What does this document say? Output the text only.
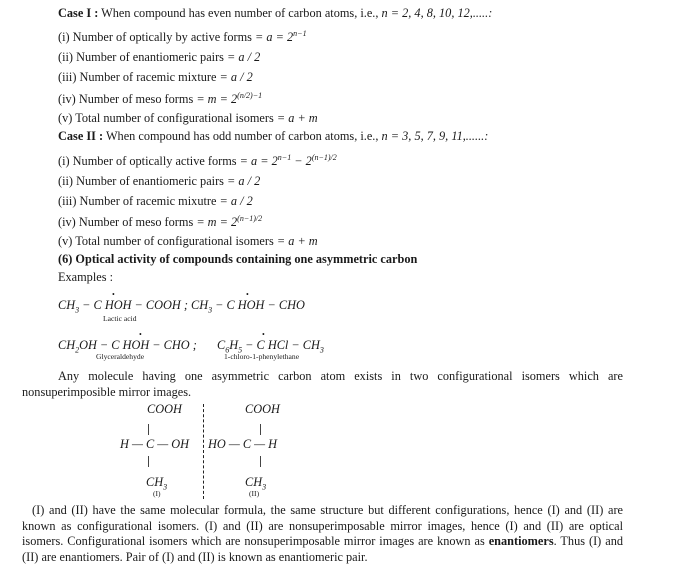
Case I : When compound has even number of carbon atoms, i.e., n = 2, 4, 8, 10, 12,.....:
(i) Number of optically by active forms = $a = 2^{n-1}$
(ii) Number of enantiomeric pairs = a / 2
(iii) Number of racemic mixture = a / 2
(iv) Number of meso forms = $m = 2^{(n/2)-1}$
(v) Total number of configurational isomers = a + m
Case II : When compound has odd number of carbon atoms, i.e., n = 3, 5, 7, 9, 11,......:
(i) Number of optically active forms = $a = 2^{n-1} - 2^{(n-1)/2}$
(ii) Number of enantiomeric pairs = a / 2
(iii) Number of racemic mixutre = a / 2
(iv) Number of meso forms = $m = 2^{(n-1)/2}$
(v) Total number of configurational isomers = a + m
(6) Optical activity of compounds containing one asymmetric carbon
Examples :
$CH_3 - C$ HOH − COOH ; $CH_3 - C$ HOH − CHO
•	•
Lactic acid
$CH_2OH - C$ HOH − CHO ;
•
$C_6H_5 - C$ HCl − $CH_3$
•
Glyceraldehyde	1-chloro-1-phenylethane
Any molecule having one asymmetric carbon atom exists in two configurational isomers which are nonsuperimposible mirror images.
COOH
H — C — OH
$CH_3$
(I)
COOH
HO — C — H
$CH_3$
(II)
(I) and (II) have the same molecular formula, the same structure but different configurations, hence (I) and (II) are known as configurational isomers. (I) and (II) are nonsuperimposable mirror images, hence (I) and (II) are optical isomers. Configurational isomers which are nonsuperimposable mirror images are known as enantiomers. Thus (I) and (II) are enantiomers. Pair of (I) and (II) is known as enantiomeric pair.
